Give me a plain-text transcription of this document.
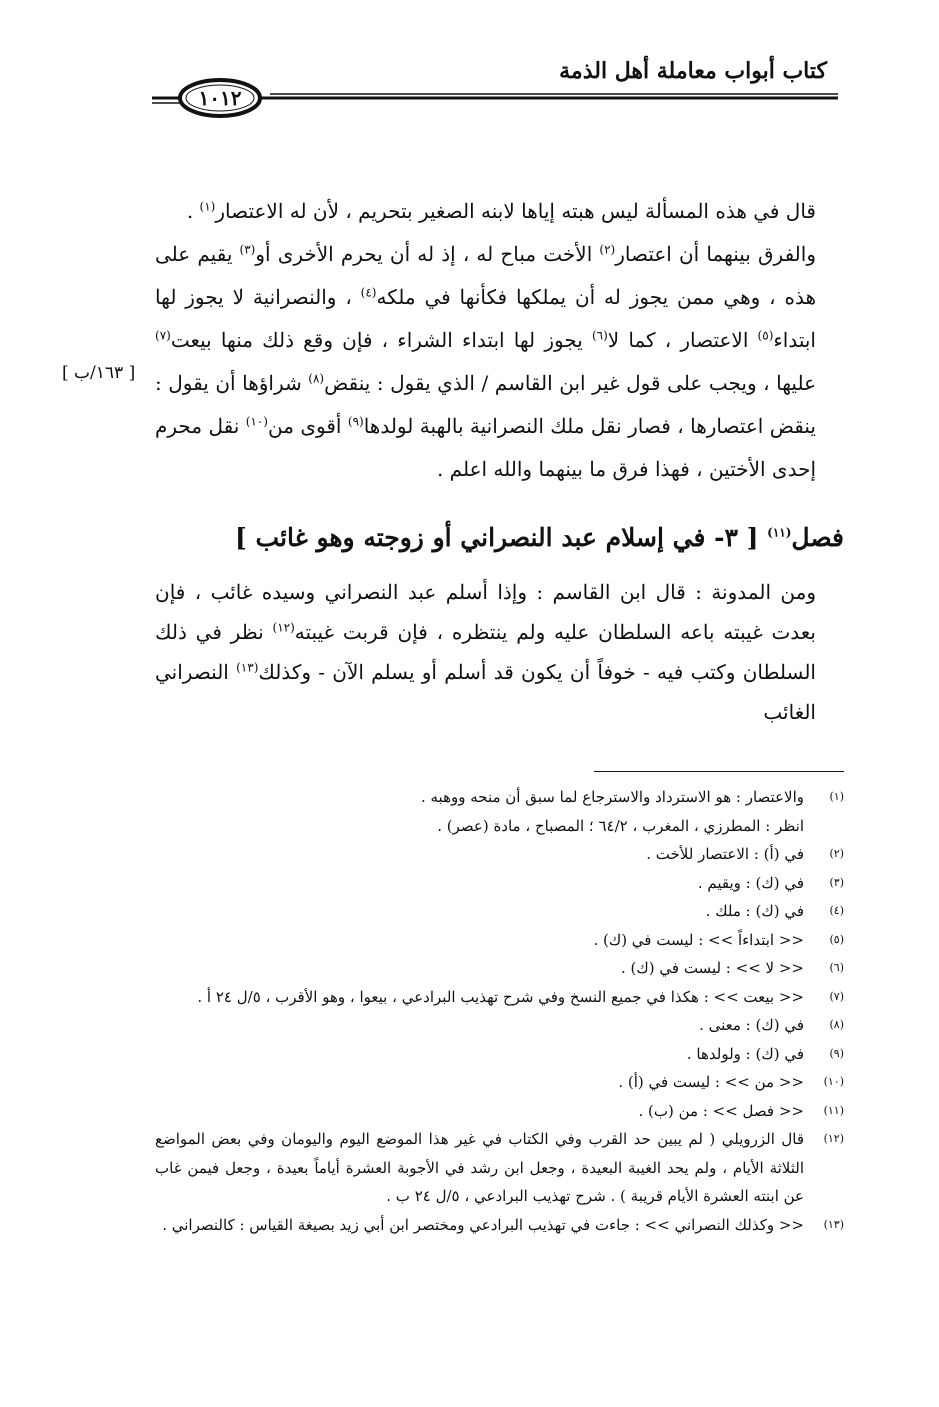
كتاب أبواب معاملة أهل الذمة
١٠١٢

قال في هذه المسألة ليس هبته إياها لابنه الصغير بتحريم ، لأن له الاعتصار$^{(١)}$ .

والفرق بينهما أن اعتصار$^{(٢)}$ الأخت مباح له ، إذ له أن يحرم الأخرى أو$^{(٣)}$ يقيم على هذه ، وهي ممن يجوز له أن يملكها فكأنها في ملكه$^{(٤)}$ ، والنصرانية لا يجوز لها ابتداء$^{(٥)}$ الاعتصار ، كما لا$^{(٦)}$ يجوز لها ابتداء الشراء ، فإن وقع ذلك منها بيعت$^{(٧)}$ عليها ، ويجب على قول غير ابن القاسم / الذي يقول : ينقض$^{(٨)}$ شراؤها أن يقول : ينقض اعتصارها ، فصار نقل ملك النصرانية بالهبة لولدها$^{(٩)}$ أقوى من$^{(١٠)}$ نقل محرم إحدى الأختين ، فهذا فرق ما بينهما والله اعلم .

[ ١٦٣/ب ]
فصل$^{(١١)}$ [ ٣- في إسلام عبد النصراني أو زوجته وهو غائب ]

ومن المدونة : قال ابن القاسم : وإذا أسلم عبد النصراني وسيده غائب ، فإن بعدت غيبته باعه السلطان عليه ولم ينتظره ، فإن قربت غيبته$^{(١٢)}$ نظر في ذلك السلطان وكتب فيه - خوفاً أن يكون قد أسلم أو يسلم الآن - وكذلك$^{(١٣)}$ النصراني الغائب

(١)
والاعتصار : هو الاسترداد والاسترجاع لما سبق أن منحه ووهبه .
انظر : المطرزي ، المغرب ، ٦٤/٢ ؛ المصباح ، مادة (عصر) .
(٢)
في (أ) : الاعتصار للأخت .
(٣)
في (ك) : ويقيم .
(٤)
في (ك) : ملك .
(٥)
<< ابتداءاً >> : ليست في (ك) .
(٦)
<< لا >> : ليست في (ك) .
(٧)
<< بيعت >> : هكذا في جميع النسخ وفي شرح تهذيب البرادعي ، بيعوا ، وهو الأقرب ، ٥/ل ٢٤ أ .
(٨)
في (ك) : معنى .
(٩)
في (ك) : ولولدها .
(١٠)
<< من >> : ليست في (أ) .
(١١)
<< فصل >> : من (ب) .
(١٢)
قال الزرويلي ( لم يبين حد القرب وفي الكتاب في غير هذا الموضع اليوم واليومان وفي بعض المواضع الثلاثة الأيام ، ولم يحد الغيبة البعيدة ، وجعل ابن رشد في الأجوبة العشرة أياماً بعيدة ، وجعل فيمن غاب عن ابنته العشرة الأيام قريبة ) . شرح تهذيب البرادعي ، ٥/ل ٢٤ ب .
(١٣)
<< وكذلك النصراني >> : جاءت في تهذيب البرادعي ومختصر ابن أبي زيد بصيغة القياس : كالنصراني .
